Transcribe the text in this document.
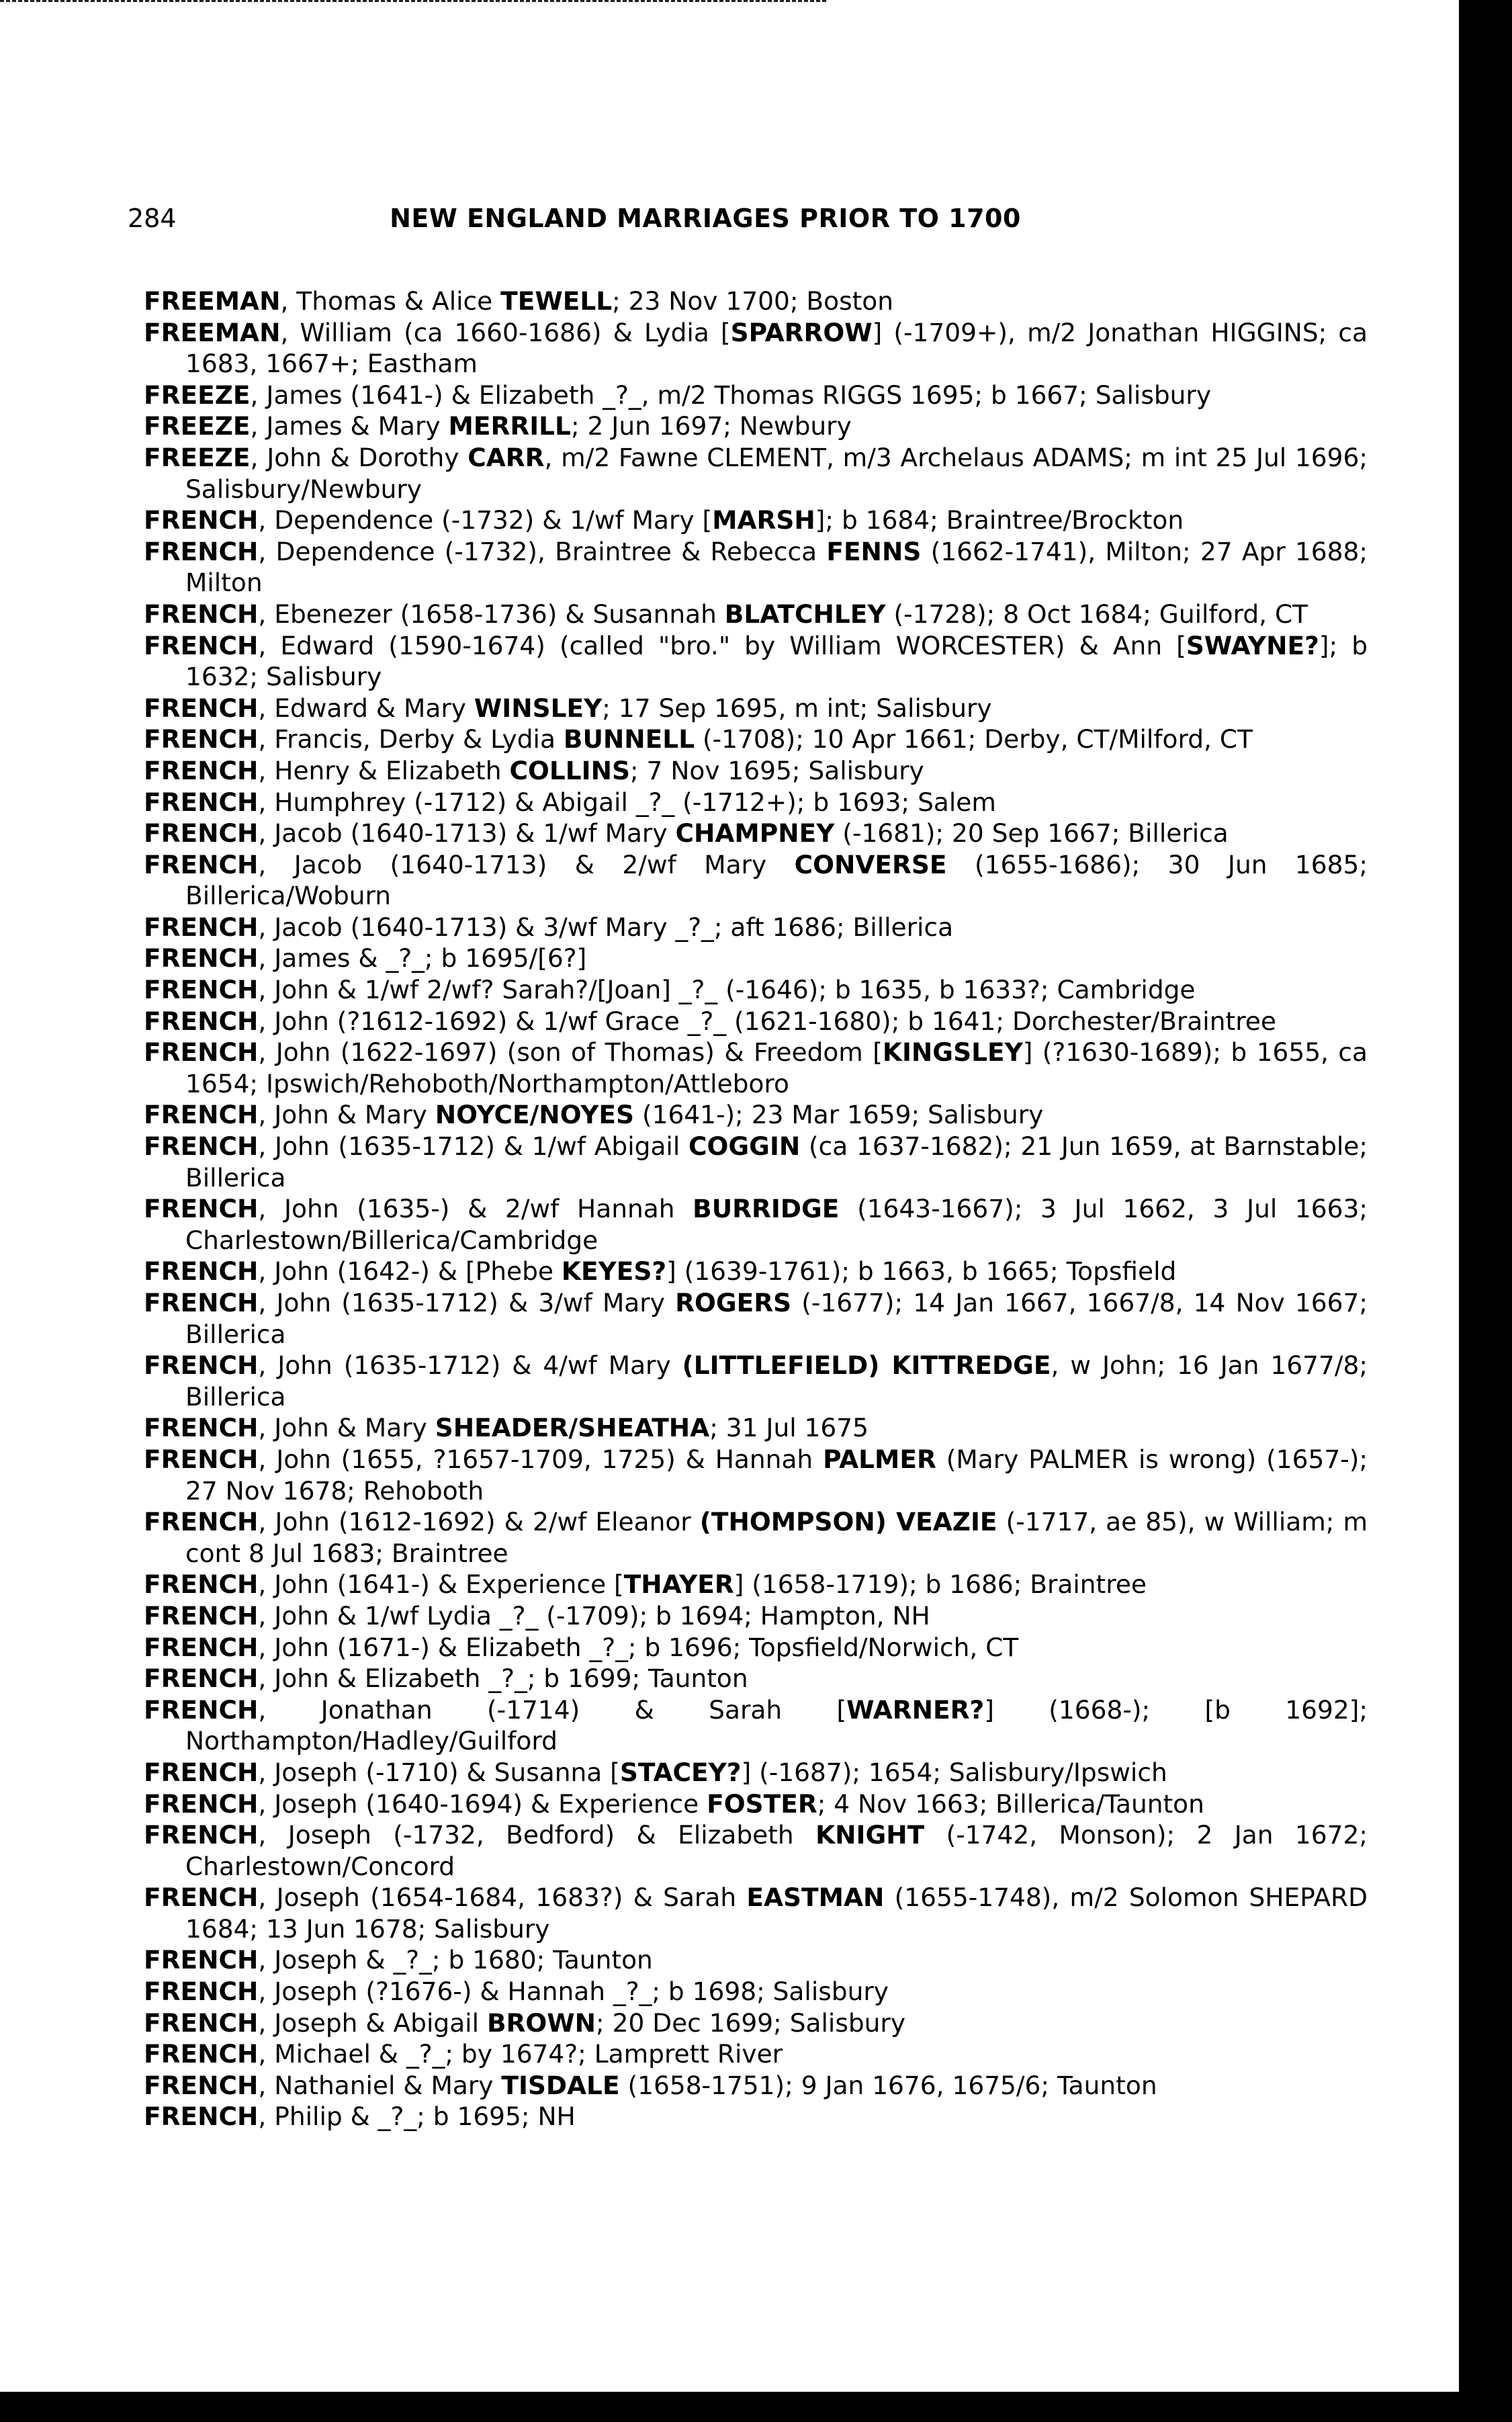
284	NEW ENGLAND MARRIAGES PRIOR TO 1700
FREEMAN, Thomas & Alice TEWELL; 23 Nov 1700; Boston
FREEMAN, William (ca 1660-1686) & Lydia [SPARROW] (-1709+), m/2 Jonathan HIGGINS; ca 1683, 1667+; Eastham
FREEZE, James (1641-) & Elizabeth _?_, m/2 Thomas RIGGS 1695; b 1667; Salisbury
FREEZE, James & Mary MERRILL; 2 Jun 1697; Newbury
FREEZE, John & Dorothy CARR, m/2 Fawne CLEMENT, m/3 Archelaus ADAMS; m int 25 Jul 1696; Salisbury/Newbury
FRENCH, Dependence (-1732) & 1/wf Mary [MARSH]; b 1684; Braintree/Brockton
FRENCH, Dependence (-1732), Braintree & Rebecca FENNS (1662-1741), Milton; 27 Apr 1688; Milton
FRENCH, Ebenezer (1658-1736) & Susannah BLATCHLEY (-1728); 8 Oct 1684; Guilford, CT
FRENCH, Edward (1590-1674) (called "bro." by William WORCESTER) & Ann [SWAYNE?]; b 1632; Salisbury
FRENCH, Edward & Mary WINSLEY; 17 Sep 1695, m int; Salisbury
FRENCH, Francis, Derby & Lydia BUNNELL (-1708); 10 Apr 1661; Derby, CT/Milford, CT
FRENCH, Henry & Elizabeth COLLINS; 7 Nov 1695; Salisbury
FRENCH, Humphrey (-1712) & Abigail _?_ (-1712+); b 1693; Salem
FRENCH, Jacob (1640-1713) & 1/wf Mary CHAMPNEY (-1681); 20 Sep 1667; Billerica
FRENCH, Jacob (1640-1713) & 2/wf Mary CONVERSE (1655-1686); 30 Jun 1685; Billerica/Woburn
FRENCH, Jacob (1640-1713) & 3/wf Mary _?_; aft 1686; Billerica
FRENCH, James & _?_; b 1695/[6?]
FRENCH, John & 1/wf 2/wf? Sarah?/[Joan] _?_ (-1646); b 1635, b 1633?; Cambridge
FRENCH, John (?1612-1692) & 1/wf Grace _?_ (1621-1680); b 1641; Dorchester/Braintree
FRENCH, John (1622-1697) (son of Thomas) & Freedom [KINGSLEY] (?1630-1689); b 1655, ca 1654; Ipswich/Rehoboth/Northampton/Attleboro
FRENCH, John & Mary NOYCE/NOYES (1641-); 23 Mar 1659; Salisbury
FRENCH, John (1635-1712) & 1/wf Abigail COGGIN (ca 1637-1682); 21 Jun 1659, at Barnstable; Billerica
FRENCH, John (1635-) & 2/wf Hannah BURRIDGE (1643-1667); 3 Jul 1662, 3 Jul 1663; Charlestown/Billerica/Cambridge
FRENCH, John (1642-) & [Phebe KEYES?] (1639-1761); b 1663, b 1665; Topsfield
FRENCH, John (1635-1712) & 3/wf Mary ROGERS (-1677); 14 Jan 1667, 1667/8, 14 Nov 1667; Billerica
FRENCH, John (1635-1712) & 4/wf Mary (LITTLEFIELD) KITTREDGE, w John; 16 Jan 1677/8; Billerica
FRENCH, John & Mary SHEADER/SHEATHA; 31 Jul 1675
FRENCH, John (1655, ?1657-1709, 1725) & Hannah PALMER (Mary PALMER is wrong) (1657-); 27 Nov 1678; Rehoboth
FRENCH, John (1612-1692) & 2/wf Eleanor (THOMPSON) VEAZIE (-1717, ae 85), w William; m cont 8 Jul 1683; Braintree
FRENCH, John (1641-) & Experience [THAYER] (1658-1719); b 1686; Braintree
FRENCH, John & 1/wf Lydia _?_ (-1709); b 1694; Hampton, NH
FRENCH, John (1671-) & Elizabeth _?_; b 1696; Topsfield/Norwich, CT
FRENCH, John & Elizabeth _?_; b 1699; Taunton
FRENCH, Jonathan (-1714) & Sarah [WARNER?] (1668-); [b 1692]; Northampton/Hadley/Guilford
FRENCH, Joseph (-1710) & Susanna [STACEY?] (-1687); 1654; Salisbury/Ipswich
FRENCH, Joseph (1640-1694) & Experience FOSTER; 4 Nov 1663; Billerica/Taunton
FRENCH, Joseph (-1732, Bedford) & Elizabeth KNIGHT (-1742, Monson); 2 Jan 1672; Charlestown/Concord
FRENCH, Joseph (1654-1684, 1683?) & Sarah EASTMAN (1655-1748), m/2 Solomon SHEPARD 1684; 13 Jun 1678; Salisbury
FRENCH, Joseph & _?_; b 1680; Taunton
FRENCH, Joseph (?1676-) & Hannah _?_; b 1698; Salisbury
FRENCH, Joseph & Abigail BROWN; 20 Dec 1699; Salisbury
FRENCH, Michael & _?_; by 1674?; Lamprett River
FRENCH, Nathaniel & Mary TISDALE (1658-1751); 9 Jan 1676, 1675/6; Taunton
FRENCH, Philip & _?_; b 1695; NH
